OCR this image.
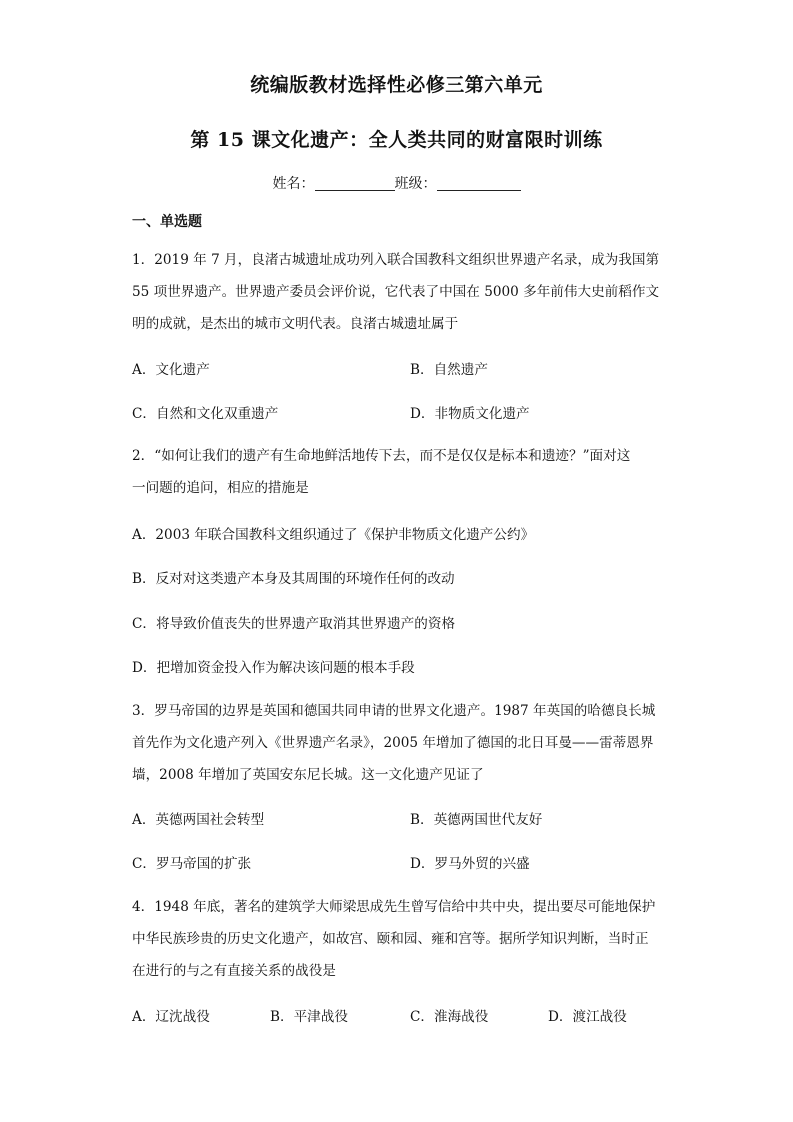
统编版教材选择性必修三第六单元
第 15 课文化遗产：全人类共同的财富限时训练
姓名：	班级：
一、单选题
1．2019 年 7 月，良渚古城遗址成功列入联合国教科文组织世界遗产名录，成为我国第
55 项世界遗产。世界遗产委员会评价说，它代表了中国在 5000 多年前伟大史前稻作文
明的成就，是杰出的城市文明代表。良渚古城遗址属于
A．文化遗产	B．自然遗产
C．自然和文化双重遗产	D．非物质文化遗产
2．“如何让我们的遗产有生命地鲜活地传下去，而不是仅仅是标本和遗迹？”面对这
一问题的追问，相应的措施是
A．2003 年联合国教科文组织通过了《保护非物质文化遗产公约》
B．反对对这类遗产本身及其周围的环境作任何的改动
C．将导致价值丧失的世界遗产取消其世界遗产的资格
D．把增加资金投入作为解决该问题的根本手段
3．罗马帝国的边界是英国和德国共同申请的世界文化遗产。1987 年英国的哈德良长城
首先作为文化遗产列入《世界遗产名录》，2005 年增加了德国的北日耳曼——雷蒂恩界
墙，2008 年增加了英国安东尼长城。这一文化遗产见证了
A．英德两国社会转型	B．英德两国世代友好
C．罗马帝国的扩张	D．罗马外贸的兴盛
4．1948 年底，著名的建筑学大师梁思成先生曾写信给中共中央，提出要尽可能地保护
中华民族珍贵的历史文化遗产，如故宫、颐和园、雍和宫等。据所学知识判断，当时正
在进行的与之有直接关系的战役是
A．辽沈战役	B．平津战役	C．淮海战役	D．渡江战役
